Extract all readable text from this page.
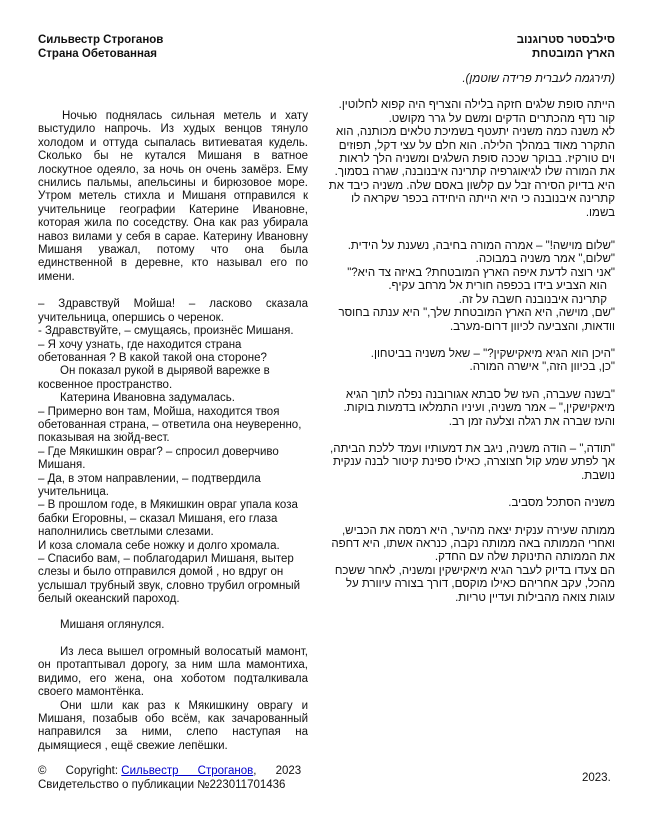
Сильвестр Строганов
Страна Обетованная

Ночью поднялась сильная метель и хату выстудило напрочь. Из худых венцов тянуло холодом и оттуда сыпалась витиеватая кудель. Сколько бы не кутался Мишаня в ватное лоскутное одеяло, за ночь он очень замёрз. Ему снились пальмы, апельсины и бирюзовое море. Утром метель стихла и Мишаня отправился к учительнице географии Катерине Ивановне, которая жила по соседству. Она как раз убирала навоз вилами у себя в сарае. Катерину Ивановну Мишаня уважал, потому что она была единственной в деревне, кто называл его по имени.

– Здравствуй Мойша! – ласково сказала учительница, опершись о черенок.

- Здравствуйте, – смущаясь, произнёс Мишаня.

– Я хочу узнать, где находится страна обетованная ? В какой такой она стороне?

Он показал рукой в дырявой варежке в косвенное пространство.

Катерина Ивановна задумалась.

– Примерно вон там, Мойша, находится твоя обетованная страна, – ответила она неуверенно, показывая на зюйд-вест.

– Где Мякишкин овраг? – спросил доверчиво Мишаня.

– Да, в этом направлении, – подтвердила учительница.

– В прошлом годе, в Мякишкин овраг упала коза бабки Егоровны, – сказал Мишаня, его глаза наполнились светлыми слезами.

И коза сломала себе ножку и долго хромала.

– Спасибо вам, – поблагодарил Мишаня, вытер слезы и было отправился домой , но вдруг он услышал трубный звук, словно трубил огромный белый океанский пароход.

Мишаня оглянулся.

Из леса вышел огромный волосатый мамонт, он протаптывал дорогу, за ним шла мамонтиха, видимо, его жена, она хоботом подталкивала своего мамонтёнка.

Они шли как раз к Мякишкину оврагу и Мишаня, позабыв обо всём, как зачарованный направился за ними, слепо наступая на дымящиеся , ещё свежие лепёшки.

©      Copyright: Сильвестр      Строганов,      2023
Свидетельство о публикации №223011701436
סילבסטר סטרוגנוב
הארץ המובטחת

(תירגמה לעברית פרידה שוטמן).

הייתה סופת שלגים חזקה בלילה והצריף היה קפוא לחלוטין. קור נדף מהכתרים הדקים ומשם על גרר מקושט.

לא משנה כמה משניה יתעטף בשמיכת טלאים מכותנה, הוא התקרר מאוד במהלך הלילה. הוא חלם על עצי דקל, תפוזים וים טורקיז. בבוקר שככה סופת השלגים ומשניה הלך לראות את המורה שלו לגיאוגרפיה קתרינה איבנובנה, שגרה בסמוך.

היא בדיוק הסירה זבל עם קלשון באסם שלה. משניה כיבד את קתרינה איבנובנה כי היא הייתה היחידה בכפר שקראה לו בשמו.

"שלום מוישה!" – אמרה המורה בחיבה, נשענת על הידית.

"שלום," אמר משניה במבוכה.

"אני רוצה לדעת איפה הארץ המובטחת? באיזה צד היא?"

הוא הצביע בידו בכפפה חורית אל מרחב עקיף.

קתרינה איבנובנה חשבה על זה.

"שם, מוישה, היא הארץ המובטחת שלך," היא ענתה בחוסר וודאות, והצביעה לכיוון דרום-מערב.

"היכן הוא הגיא מיאקישקין?" – שאל משניה בביטחון.

"כן, בכיוון הזה," אישרה המורה.

"בשנה שעברה, העז של סבתא אגורובנה נפלה לתוך הגיא מיאקישקין," – אמר משניה, ועיניו התמלאו בדמעות בוקות.

והעז שברה את רגלה וצלעה זמן רב.

"תודה," – הודה משניה, ניגב את דמעותיו ועמד ללכת הביתה, אך לפתע שמע קול חצוצרה, כאילו ספינת קיטור לבנה ענקית נושבת.

משניה הסתכל מסביב.

ממותה שעירה ענקית יצאה מהיער, היא רמסה את הכביש, ואחרי הממותה באה ממותה נקבה, כנראה אשתו, היא דחפה את הממותה התינוקת שלה עם החדק.

הם צעדו בדיוק לעבר הגיא מיאקישקין ומשניה, לאחר ששכח מהכל, עקב אחריהם כאילו מוקסם, דורך בצורה עיוורת על עוגות צואה מהבילות ועדיין טריות.

2023.
